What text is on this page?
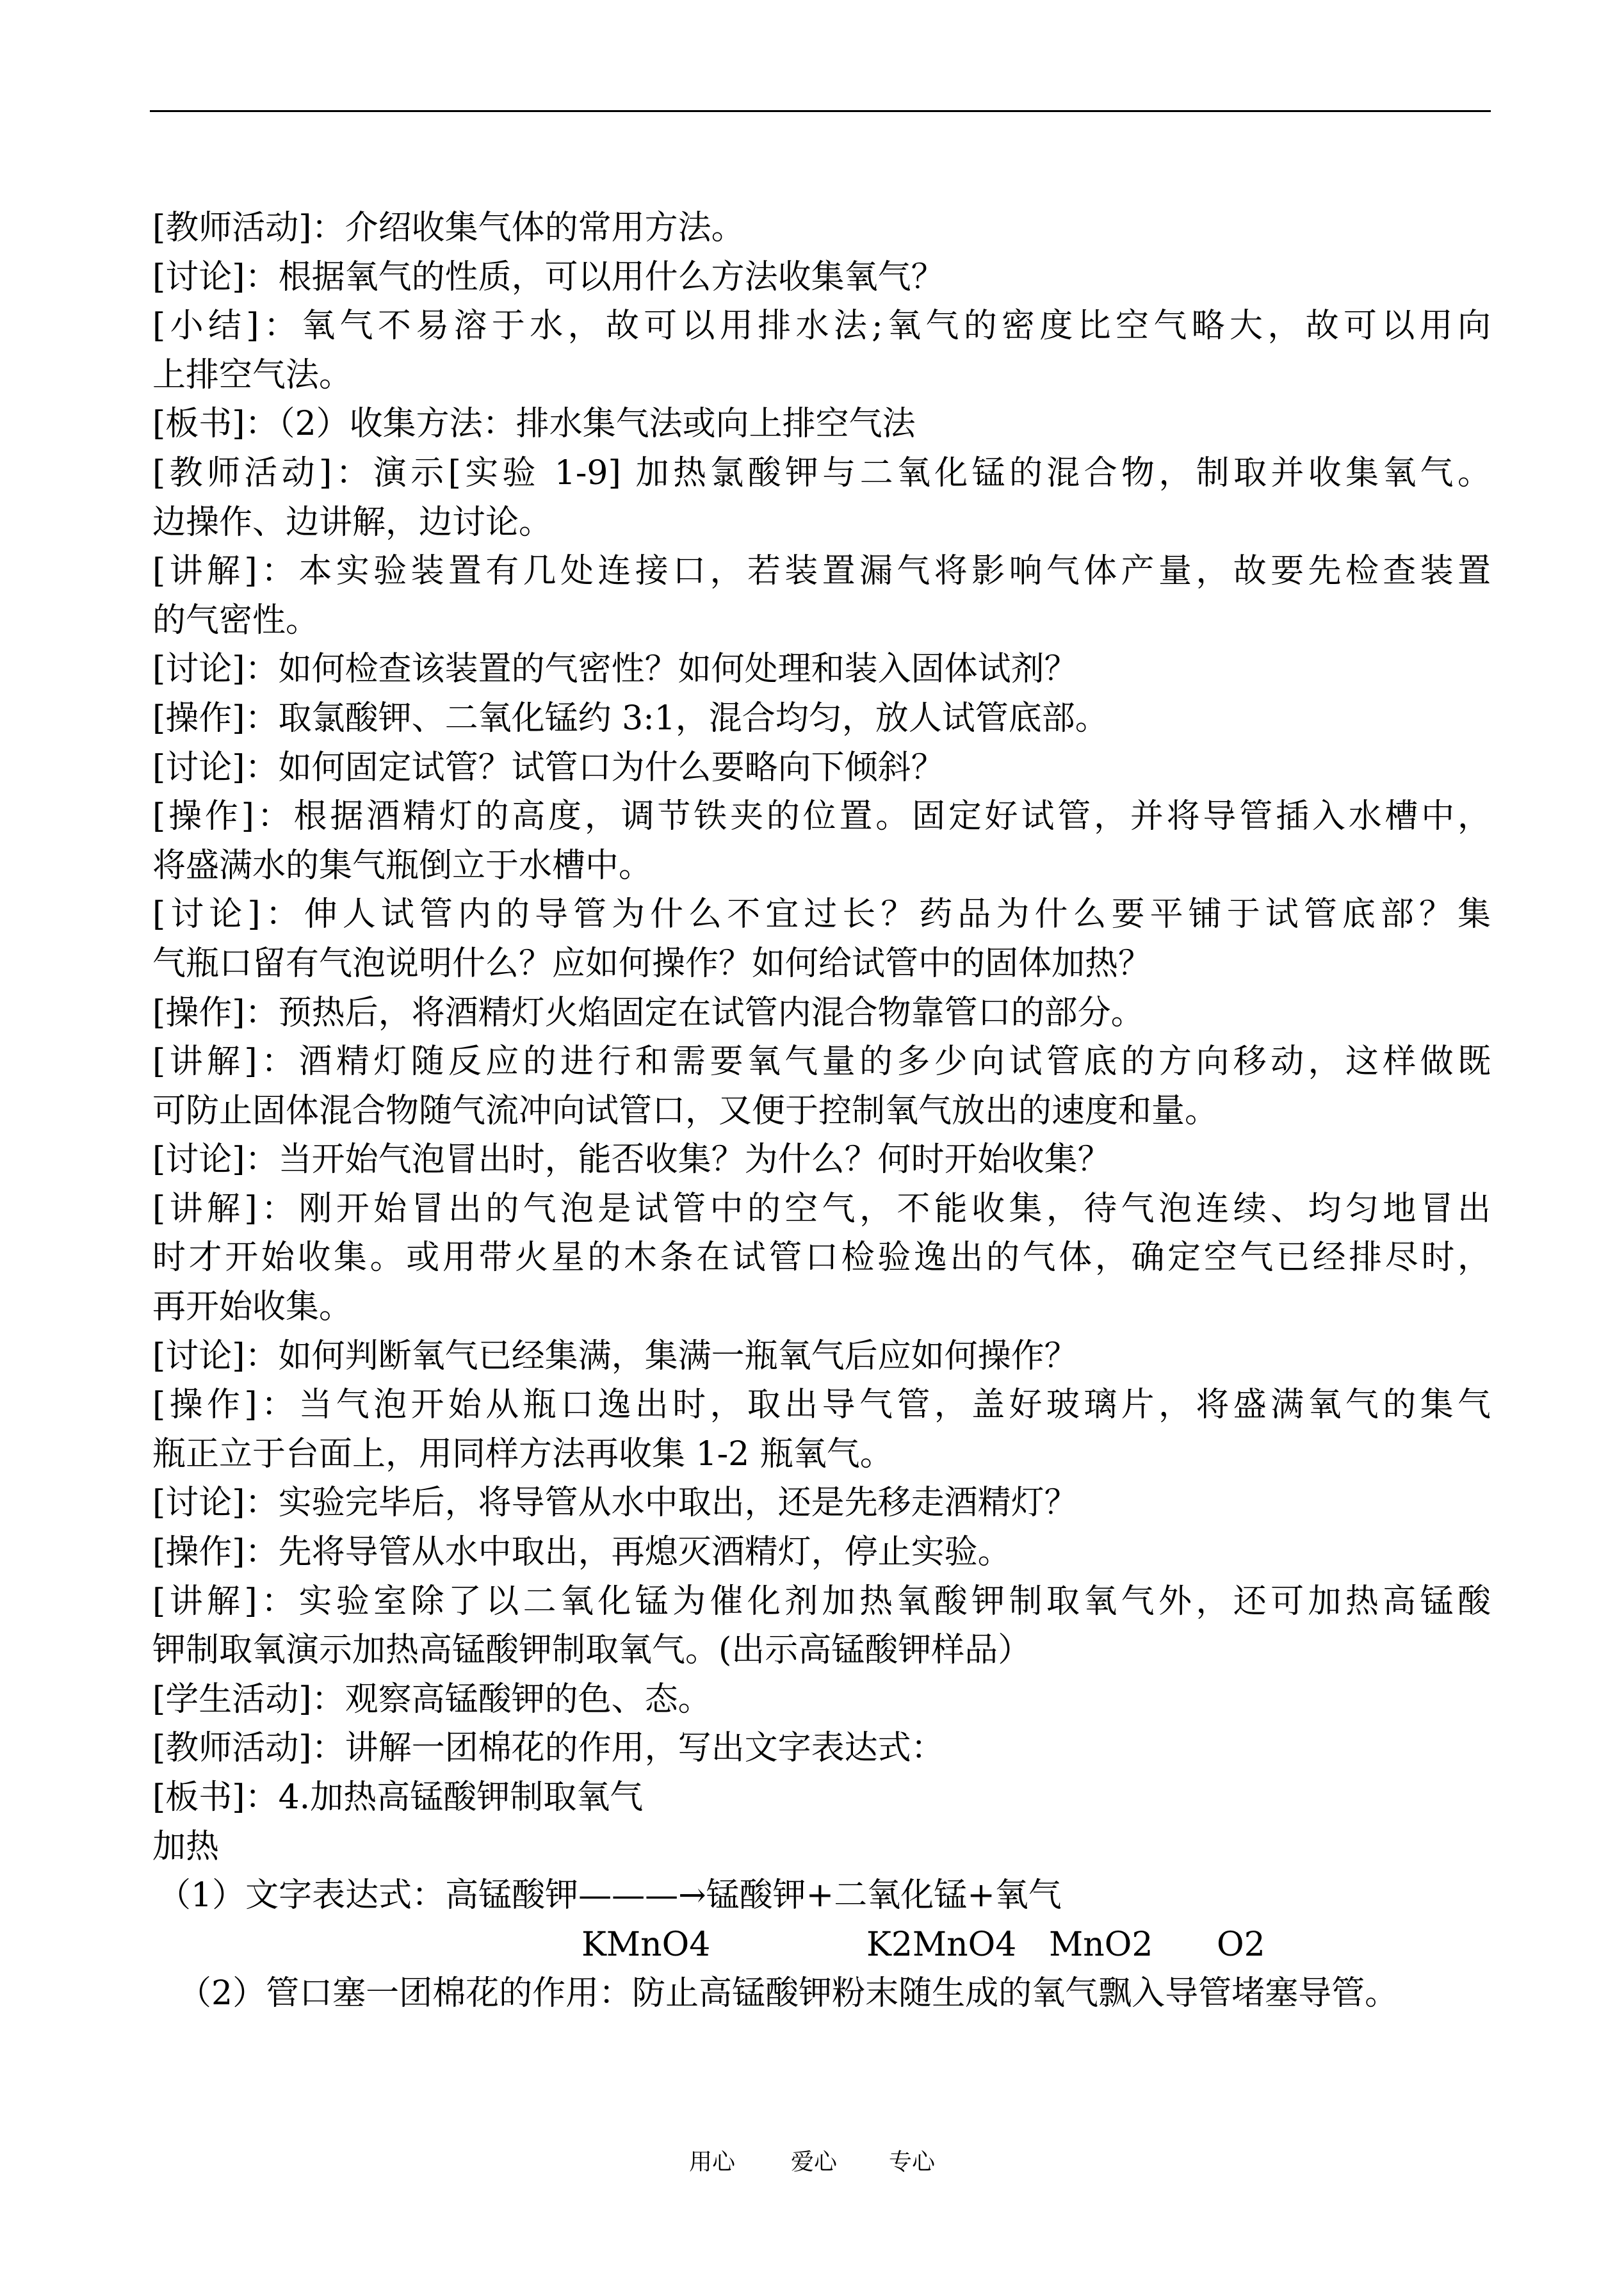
[教师活动]：介绍收集气体的常用方法。
[讨论]：根据氧气的性质，可以用什么方法收集氧气？
[小结]：氧气不易溶于水，故可以用排水法;氧气的密度比空气略大，故可以用向
上排空气法。
[板书]：（2）收集方法：排水集气法或向上排空气法
[教师活动]：演示[实验 1-9] 加热氯酸钾与二氧化锰的混合物，制取并收集氧气。
边操作、边讲解，边讨论。
[讲解]：本实验装置有几处连接口，若装置漏气将影响气体产量，故要先检查装置
的气密性。
[讨论]：如何检查该装置的气密性？如何处理和装入固体试剂？
[操作]：取氯酸钾、二氧化锰约 3:1，混合均匀，放人试管底部。
[讨论]：如何固定试管？试管口为什么要略向下倾斜？
[操作]：根据酒精灯的高度，调节铁夹的位置。固定好试管，并将导管插入水槽中，
将盛满水的集气瓶倒立于水槽中。
[讨论]：伸人试管内的导管为什么不宜过长？药品为什么要平铺于试管底部？集
气瓶口留有气泡说明什么？应如何操作？如何给试管中的固体加热？
[操作]：预热后，将酒精灯火焰固定在试管内混合物靠管口的部分。
[讲解]：酒精灯随反应的进行和需要氧气量的多少向试管底的方向移动，这样做既
可防止固体混合物随气流冲向试管口，又便于控制氧气放出的速度和量。
[讨论]：当开始气泡冒出时，能否收集？为什么？何时开始收集？
[讲解]：刚开始冒出的气泡是试管中的空气，不能收集，待气泡连续、均匀地冒出
时才开始收集。或用带火星的木条在试管口检验逸出的气体，确定空气已经排尽时，
再开始收集。
[讨论]：如何判断氧气已经集满，集满一瓶氧气后应如何操作？
[操作]：当气泡开始从瓶口逸出时，取出导气管，盖好玻璃片，将盛满氧气的集气
瓶正立于台面上，用同样方法再收集 1-2 瓶氧气。
[讨论]：实验完毕后，将导管从水中取出，还是先移走酒精灯？
[操作]：先将导管从水中取出，再熄灭酒精灯，停止实验。
[讲解]：实验室除了以二氧化锰为催化剂加热氧酸钾制取氧气外，还可加热高锰酸
钾制取氧演示加热高锰酸钾制取氧气。(出示高锰酸钾样品）
[学生活动]：观察高锰酸钾的色、态。
[教师活动]：讲解一团棉花的作用，写出文字表达式：
[板书]：4.加热高锰酸钾制取氧气
加热
（1）文字表达式：高锰酸钾———→锰酸钾+二氧化锰+氧气
KMnO4	K2MnO4 MnO2 O2
（2）管口塞一团棉花的作用：防止高锰酸钾粉末随生成的氧气飘入导管堵塞导管。
用心 爱心 专心
